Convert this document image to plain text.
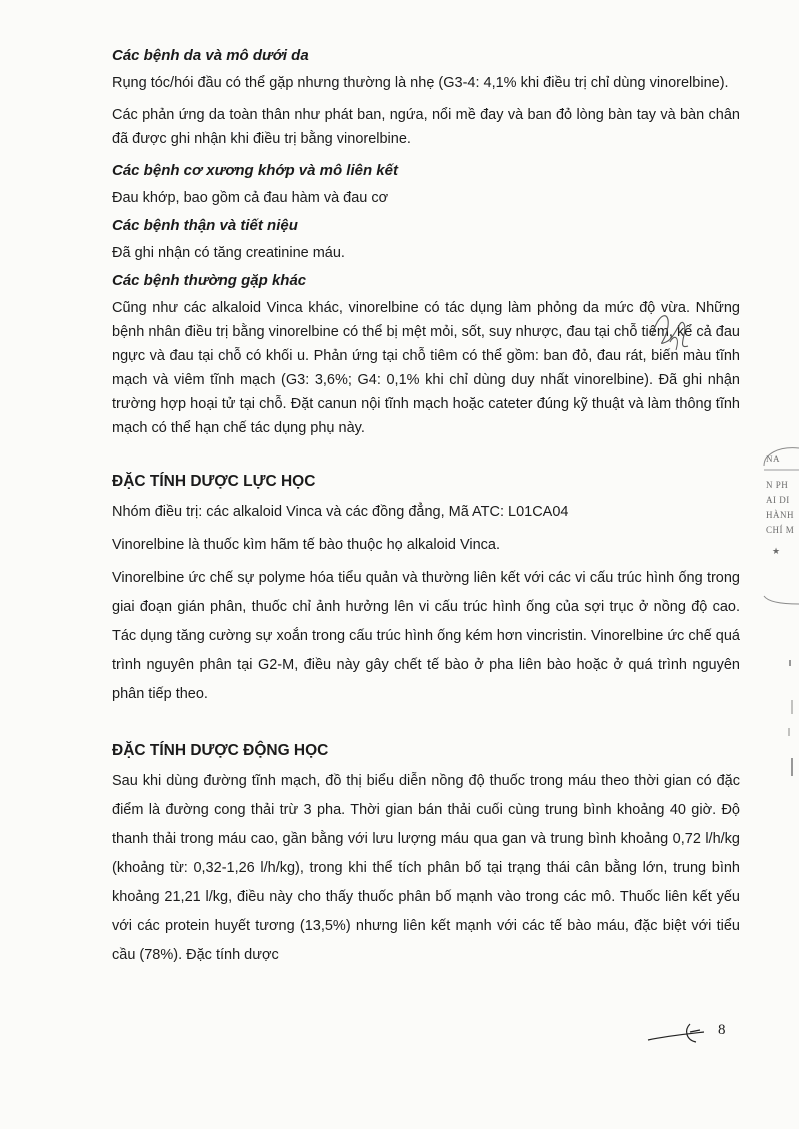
Các bệnh da và mô dưới da

Rụng tóc/hói đầu có thể gặp nhưng thường là nhẹ (G3-4: 4,1% khi điều trị chỉ dùng vinorelbine).

Các phản ứng da toàn thân như phát ban, ngứa, nổi mề đay và ban đỏ lòng bàn tay và bàn chân đã được ghi nhận khi điều trị bằng vinorelbine.

Các bệnh cơ xương khớp và mô liên kết

Đau khớp, bao gồm cả đau hàm và đau cơ

Các bệnh thận và tiết niệu

Đã ghi nhận có tăng creatinine máu.

Các bệnh thường gặp khác

Cũng như các alkaloid Vinca khác, vinorelbine có tác dụng làm phỏng da mức độ vừa. Những bệnh nhân điều trị bằng vinorelbine có thể bị mệt mỏi, sốt, suy nhược, đau tại chỗ tiêm, kể cả đau ngực và đau tại chỗ có khối u. Phản ứng tại chỗ tiêm có thể gồm: ban đỏ, đau rát, biến màu tĩnh mạch và viêm tĩnh mạch (G3: 3,6%; G4: 0,1% khi chỉ dùng duy nhất vinorelbine). Đã ghi nhận trường hợp hoại tử tại chỗ. Đặt canun nội tĩnh mạch hoặc cateter đúng kỹ thuật và làm thông tĩnh mạch có thể hạn chế tác dụng phụ này.

ĐẶC TÍNH DƯỢC LỰC HỌC

Nhóm điều trị: các alkaloid Vinca và các đồng đẳng, Mã ATC: L01CA04

Vinorelbine là thuốc kìm hãm tế bào thuộc họ alkaloid Vinca.

Vinorelbine ức chế sự polyme hóa tiểu quản và thường liên kết với các vi cấu trúc hình ống trong giai đoạn gián phân, thuốc chỉ ảnh hưởng lên vi cấu trúc hình ống của sợi trục ở nồng độ cao. Tác dụng tăng cường sự xoắn trong cấu trúc hình ống kém hơn vincristin. Vinorelbine ức chế quá trình nguyên phân tại G2-M, điều này gây chết tế bào ở pha liên bào hoặc ở quá trình nguyên phân tiếp theo.

ĐẶC TÍNH DƯỢC ĐỘNG HỌC

Sau khi dùng đường tĩnh mạch, đồ thị biểu diễn nồng độ thuốc trong máu theo thời gian có đặc điểm là đường cong thải trừ 3 pha. Thời gian bán thải cuối cùng trung bình khoảng 40 giờ. Độ thanh thải trong máu cao, gần bằng với lưu lượng máu qua gan và trung bình khoảng 0,72 l/h/kg (khoảng từ: 0,32-1,26 l/h/kg), trong khi thể tích phân bố tại trạng thái cân bằng lớn, trung bình khoảng 21,21 l/kg, điều này cho thấy thuốc phân bố mạnh vào trong các mô. Thuốc liên kết yếu với các protein huyết tương (13,5%) nhưng liên kết mạnh với các tế bào máu, đặc biệt với tiểu cầu (78%). Đặc tính dược

NA
N PH
AI DI
HÀNH
CHÍ M
★
8
